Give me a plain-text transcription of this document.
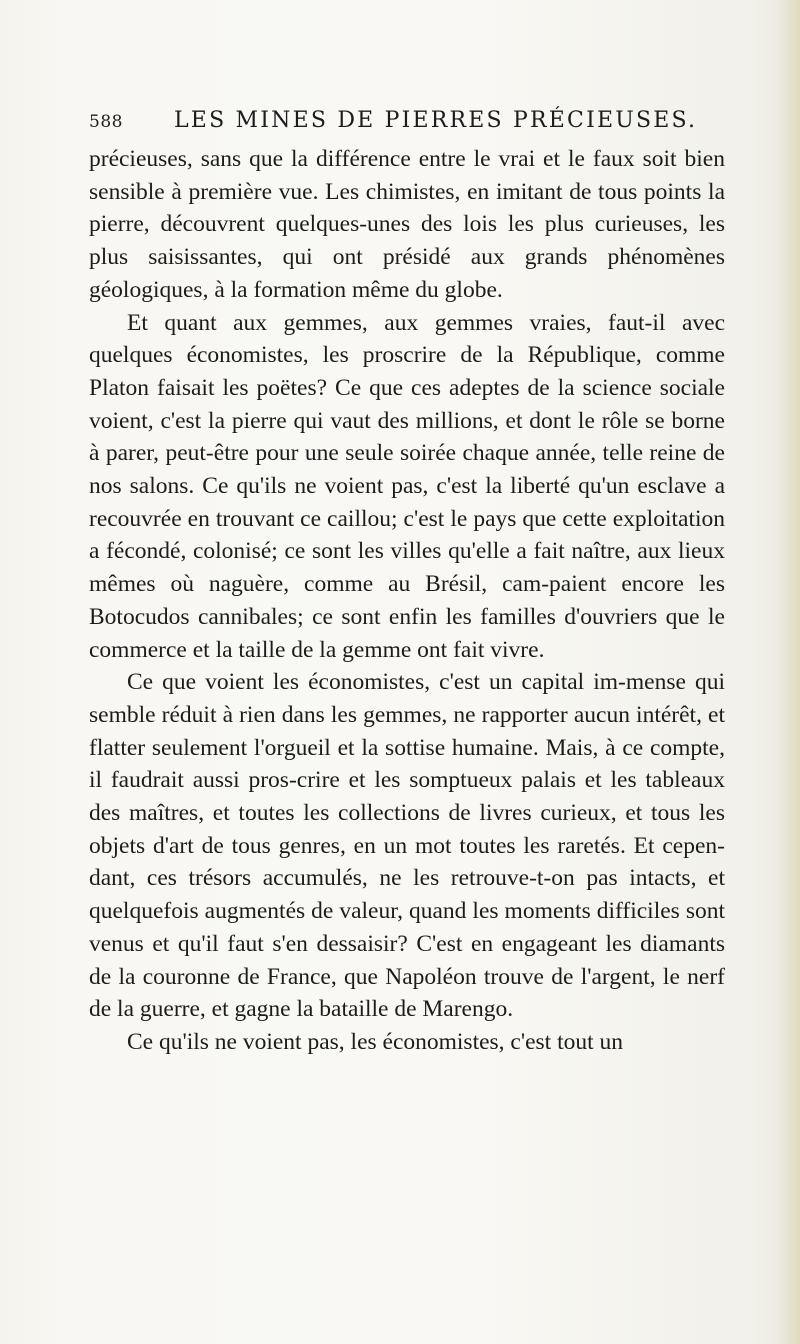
588 LES MINES DE PIERRES PRÉCIEUSES.

précieuses, sans que la différence entre le vrai et le faux soit bien sensible à première vue. Les chimistes, en imitant de tous points la pierre, découvrent quelques-unes des lois les plus curieuses, les plus saisissantes, qui ont présidé aux grands phénomènes géologiques, à la formation même du globe.

Et quant aux gemmes, aux gemmes vraies, faut-il avec quelques économistes, les proscrire de la République, comme Platon faisait les poëtes? Ce que ces adeptes de la science sociale voient, c'est la pierre qui vaut des millions, et dont le rôle se borne à parer, peut-être pour une seule soirée chaque année, telle reine de nos salons. Ce qu'ils ne voient pas, c'est la liberté qu'un esclave a recouvrée en trouvant ce caillou; c'est le pays que cette exploitation a fécondé, colonisé; ce sont les villes qu'elle a fait naître, aux lieux mêmes où naguère, comme au Brésil, cam-paient encore les Botocudos cannibales; ce sont enfin les familles d'ouvriers que le commerce et la taille de la gemme ont fait vivre.

Ce que voient les économistes, c'est un capital im-mense qui semble réduit à rien dans les gemmes, ne rapporter aucun intérêt, et flatter seulement l'orgueil et la sottise humaine. Mais, à ce compte, il faudrait aussi pros-crire et les somptueux palais et les tableaux des maîtres, et toutes les collections de livres curieux, et tous les objets d'art de tous genres, en un mot toutes les raretés. Et cepen-dant, ces trésors accumulés, ne les retrouve-t-on pas intacts, et quelquefois augmentés de valeur, quand les moments difficiles sont venus et qu'il faut s'en dessaisir? C'est en engageant les diamants de la couronne de France, que Napoléon trouve de l'argent, le nerf de la guerre, et gagne la bataille de Marengo.

Ce qu'ils ne voient pas, les économistes, c'est tout un
